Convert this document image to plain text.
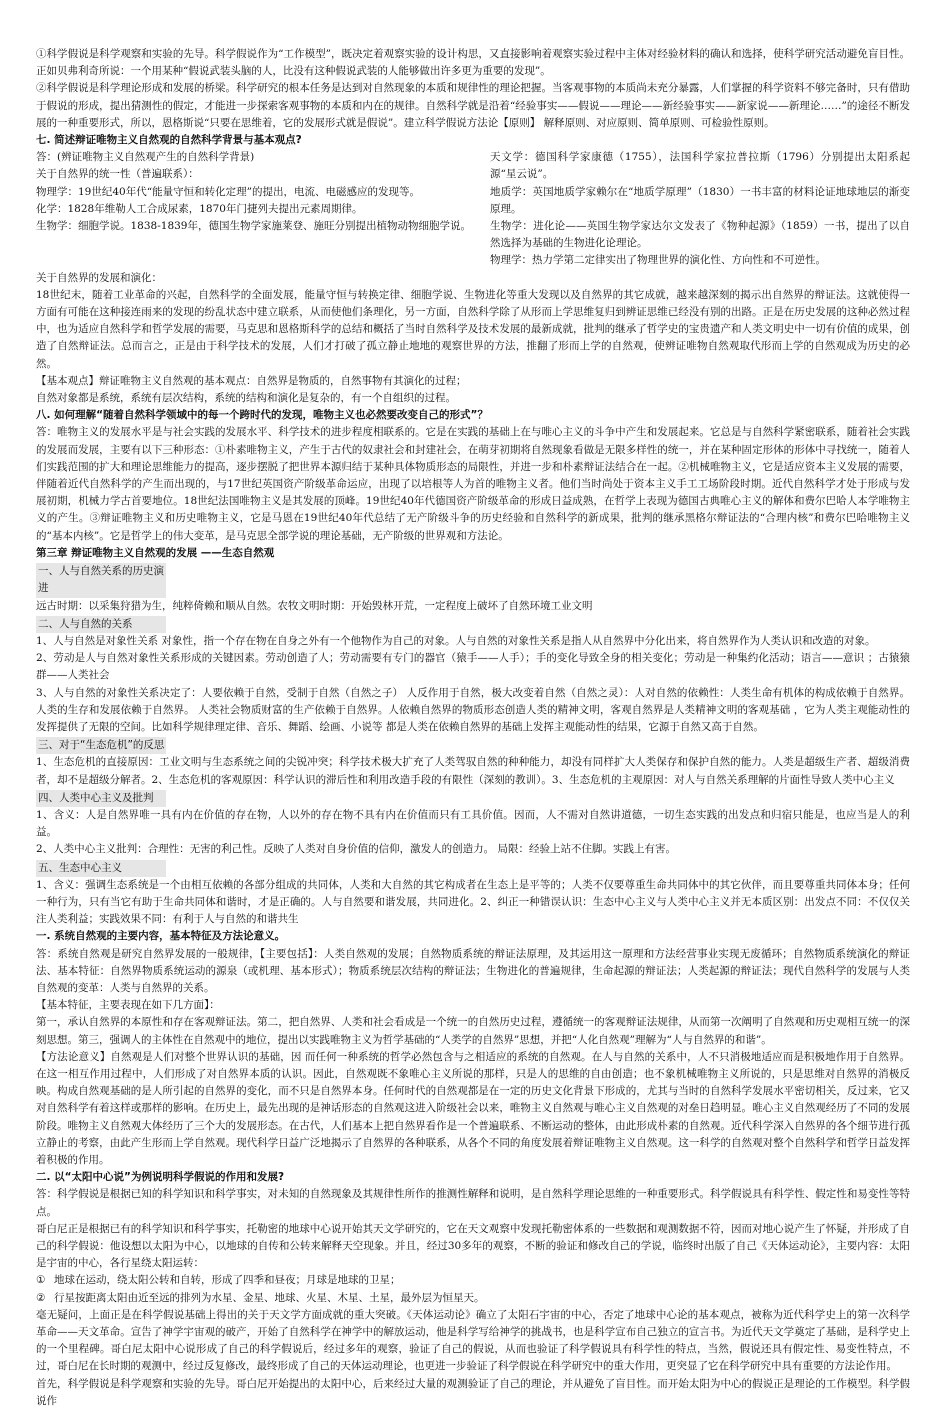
①科学假说是科学观察和实验的先导。科学假说作为“工作模型”，既决定着观察实验的设计构思，又直接影响着观察实验过程中主体对经验材料的确认和选择，使科学研究活动避免盲目性。正如贝弗利奇所说：一个用某种“假说武装头脑的人，比没有这种假说武装的人能够做出许多更为重要的发现”。

②科学假说是科学理论形成和发展的桥梁。科学研究的根本任务是达到对自然现象的本质和规律性的理论把握。当客观事物的本质尚未充分暴露，人们掌握的科学资料不够完备时，只有借助于假说的形成，提出猜测性的假定，才能进一步探索客观事物的本质和内在的规律。自然科学就是沿着“经验事实——假说——理论——新经验事实——新家说——新理论……”的途径不断发展的一种重要形式，所以，恩格斯说“只要在思维着，它的发展形式就是假说”。建立科学假说方法论【原则】 解释原则、对应原则、简单原则、可检验性原则。

七. 简述辩证唯物主义自然观的自然科学背景与基本观点?

答：(辨证唯物主义自然观产生的自然科学背景)

关于自然界的统一性（普遍联系）：

物理学：19世纪40年代“能量守恒和转化定理”的提出，电流、电磁感应的发现等。

化学：1828年维勒人工合成尿素，1870年门捷列夫提出元素周期律。

生物学：细胞学说。1838-1839年，德国生物学家施莱登、施旺分别提出植物动物细胞学说。

天文学：德国科学家康德（1755），法国科学家拉普拉斯（1796）分别提出太阳系起源“星云说”。

地质学：英国地质学家赖尔在“地质学原理”（1830）一书丰富的材料论证地球地层的渐变原理。

生物学：进化论——英国生物学家达尔文发表了《物种起源》（1859）一书，提出了以自然选择为基础的生物进化论理论。

物理学：热力学第二定律实出了物理世界的演化性、方向性和不可逆性。

关于自然界的发展和演化：

18世纪末，随着工业革命的兴起，自然科学的全面发展，能量守恒与转换定律、细胞学说、生物进化等重大发现以及自然界的其它成就，越来越深刻的揭示出自然界的辩证法。这就使得一方面有可能在这种接连雨来的发现的纷乱状态中建立联系，从而使他们条理化，另一方面，自然科学除了从形而上学思维复归到辨证思维已经没有别的出路。正是在历史发展的这种必然过程中，也为适应自然科学和哲学发展的需要，马克思和恩格斯科学的总结和概括了当时自然科学及技术发展的最新成就，批判的继承了哲学史的宝贵遗产和人类文明史中一切有价值的成果，创造了自然辩证法。总而言之，正是由于科学技术的发展，人们才打破了孤立静止地地的观察世界的方法，推翻了形而上学的自然观，使辨证唯物自然观取代形而上学的自然观成为历史的必然。

【基本观点】辩证唯物主义自然观的基本观点：自然界是物质的，自然事物有其演化的过程；

自然对象都是系统，系统有层次结构，系统的结构和演化是复杂的，有一个自组织的过程。

八. 如何理解“随着自然科学领域中的每一个跨时代的发现，唯物主义也必然要改变自己的形式”？

答：唯物主义的发展水平是与社会实践的发展水平、科学技术的进步程度相联系的。它是在实践的基础上在与唯心主义的斗争中产生和发展起来。它总是与自然科学紧密联系，随着社会实践的发展而发展，主要有以下三种形态：①朴素唯物主义，产生于古代的奴隶社会和封建社会，在萌芽初期将自然现象看做是无限多样性的统一，并在某种固定形体的形体中寻找统一，随着人们实践范围的扩大和理论思维能力的提高，逐步摆脱了把世界本源归结于某种具体物质形态的局限性，并进一步和朴素辩证法结合在一起。②机械唯物主义，它是适应资本主义发展的需要，伴随着近代自然科学的产生而出现的，与17世纪英国资产阶级革命运应，出现了以培根等人为首的唯物主义者。他们当时尚处于资本主义手工工场阶段时期。近代自然科学才处于形成与发展初期，机械力学古首要地位。18世纪法国唯物主义是其发展的顶峰。19世纪40年代德国资产阶级革命的形成日益成熟，在哲学上表现为德国古典唯心主义的解体和费尔巴哈人本学唯物主义的产生。③辩证唯物主义和历史唯物主义，它是马恩在19世纪40年代总结了无产阶级斗争的历史经验和自然科学的新成果，批判的继承黑格尔辩证法的“合理内核”和费尔巴哈唯物主义的“基本内核”。它是哲学上的伟大变革，是马克思全部学说的理论基础，无产阶级的世界观和方法论。

第三章 辩证唯物主义自然观的发展 ——生态自然观

一、人与自然关系的历史演进

远古时期：以采集狩猎为生，纯粹倚赖和顺从自然。农牧文明时期：开始毁林开荒，一定程度上破坏了自然环境工业文明

二、人与自然的关系

1、人与自然是对象性关系 对象性，指一个存在物在自身之外有一个他物作为自己的对象。人与自然的对象性关系是指人从自然界中分化出来，将自然界作为人类认识和改造的对象。

2、劳动是人与自然对象性关系形成的关键因素。劳动创造了人；劳动需要有专门的器官（猿手——人手）；手的变化导致全身的相关变化；劳动是一种集约化活动；语言——意识 ；古猿猿群——人类社会

3、人与自然的对象性关系决定了：人要依赖于自然，受制于自然（自然之子） 人反作用于自然，极大改变着自然（自然之灵）：人对自然的依赖性：人类生命有机体的构成依赖于自然界。人类的生存和发展依赖于自然界。 人类社会物质财富的生产依赖于自然界。人依赖自然界的物质形态创造人类的精神文明，客观自然界是人类精神文明的客观基础 ，它为人类主观能动性的发挥提供了无限的空间。比如科学规律理定律、音乐、舞蹈、绘画、小说等 都是人类在依赖自然界的基础上发挥主观能动性的结果，它源于自然又高于自然。

三、对于“生态危机”的反思

1、生态危机的直接原因：工业文明与生态系统之间的尖锐冲突；科学技术极大扩充了人类驾驭自然的种种能力，却没有同样扩大人类保存和保护自然的能力。人类是超级生产者、超级消费者，却不是超级分解者。2、生态危机的客观原因：科学认识的滞后性和利用改造手段的有限性（深刻的教训）。3、生态危机的主观原因：对人与自然关系理解的片面性导致人类中心主义

四、人类中心主义及批判

1、含义：人是自然界唯一具有内在价值的存在物，人以外的存在物不具有内在价值而只有工具价值。因而，人不需对自然讲道德，一切生态实践的出发点和归宿只能是，也应当是人的利益。

2、人类中心主义批判：合理性：无害的利己性。反映了人类对自身价值的信仰，激发人的创造力。 局限：经验上站不住脚。实践上有害。

五、生态中心主义

1、含义：强调生态系统是一个由相互依赖的各部分组成的共同体，人类和大自然的其它构成者在生态上是平等的；人类不仅要尊重生命共同体中的其它伙伴，而且要尊重共同体本身；任何一种行为，只有当它有助于生命共同体和谐时，才是正确的。人与自然要和谐发展，共同进化。2、纠正一种错误认识：生态中心主义与人类中心主义并无本质区别：出发点不同：不仅仅关注人类利益；实践效果不同：有利于人与自然的和谐共生

一. 系统自然观的主要内容，基本特征及方法论意义。

答：系统自然观是研究自然界发展的一般规律，【主要包括】：人类自然观的发展；自然物质系统的辩证法原理，及其运用这一原理和方法经营事业实现无废循环；自然物质系统演化的辩证法、基本特征：自然界物质系统运动的源泉（或机理、基本形式）；物质系统层次结构的辩证法；生物进化的普遍规律，生命起源的辩证法；人类起源的辩证法；现代自然科学的发展与人类自然观的变革：人类与自然界的关系。

【基本特征，主要表现在如下几方面】：

第一，承认自然界的本原性和存在客观辩证法。第二，把自然界、人类和社会看成是一个统一的自然历史过程，遵循统一的客观辩证法规律，从而第一次阐明了自然观和历史观相互统一的深刻思想。第三，强调人的主体性在自然观中的地位，提出以实践唯物主义为哲学基础的“人类学的自然界”思想，并把“人化自然观”理解为“人与自然界的和谐”。

【方法论意义】自然观是人们对整个世界认识的基础，因 而任何一种系统的哲学必然包含与之相适应的系统的自然观。在人与自然的关系中，人不只消极地适应而是积极地作用于自然界。在这一相互作用过程中，人们形成了对自然界本质的认识。因此，自然观既不象唯心主义所说的那样，只是人的思维的自由创造；也不象机械唯物主义所说的，只是思维对自然界的消极反映。构成自然观基础的是人所引起的自然界的变化，而不只是自然界本身。任何时代的自然观都是在一定的历史文化背景下形成的，尤其与当时的自然科学发展水平密切相关，反过来，它又对自然科学有着这样或那样的影响。在历史上，最先出现的是神话形态的自然观这进入阶级社会以来，唯物主义自然观与唯心主义自然观的对垒日趋明显。唯心主义自然观经历了不同的发展阶段。唯物主义自然观大体经历了三个大的发展形态。在古代，人们基本上把自然界看作是一个普遍联系、不断运动的整体，由此形成朴素的自然观。近代科学深入自然界的各个细节进行孤立静止的考察，由此产生形而上学自然观。现代科学日益广泛地揭示了自然界的各种联系，从各个不同的角度发展着辩证唯物主义自然观。这一科学的自然观对整个自然科学和哲学日益发挥着积极的作用。

二. 以“太阳中心说”为例说明科学假说的作用和发展?

答：科学假说是根据已知的科学知识和科学事实，对未知的自然现象及其规律性所作的推测性解释和说明，是自然科学理论思维的一种重要形式。科学假说具有科学性、假定性和易变性等特点。

哥白尼正是根据已有的科学知识和科学事实，托勒密的地球中心说开始其天文学研究的，它在天文观察中发现托勒密体系的一些数据和观测数据不符，因而对地心说产生了怀疑，并形成了自己的科学假说：他设想以太阳为中心，以地球的自传和公转来解释天空现象。并且，经过30多年的观察，不断的验证和修改自己的学说，临终时出版了自己《天体运动论》，主要内容：太阳是宇宙的中心，各行星绕太阳运转：

① 地球在运动，绕太阳公转和自转，形成了四季和昼夜；月球是地球的卫星；
② 行星按距离太阳由近至远的排列为水星、金星、地球、火星、木星、土星，最外层为恒星天。

毫无疑问，上面正是在科学假说基础上得出的关于天文学方面成就的重大突破。《天体运动论》确立了太阳石宇宙的中心，否定了地球中心论的基本观点，被称为近代科学史上的第一次科学革命——天文革命。宣告了神学宇宙观的破产，开始了自然科学在神学中的解放运动，他是科学写给神学的挑战书，也是科学宣布自己独立的宣言书。为近代天文学奠定了基础，是科学史上的一个里程碑。哥白尼太阳中心说形成了自己的科学假说后，经过多年的观察，验证了自己的假说，从而也验证了科学假说具有科学性的特点，当然，假说还具有假定性、易变性特点，不过，哥白尼在长时期的观测中，经过反复修改，最终形成了自己的天体运动理论，也更进一步验证了科学假说在科学研究中的重大作用，更突显了它在科学研究中具有重要的方法论作用。

首先，科学假说是科学观察和实验的先导。哥白尼开始提出的太阳中心，后来经过大量的观测验证了自己的理论，并从避免了盲目性。而开始太阳为中心的假说正是理论的工作模型。科学假说作
